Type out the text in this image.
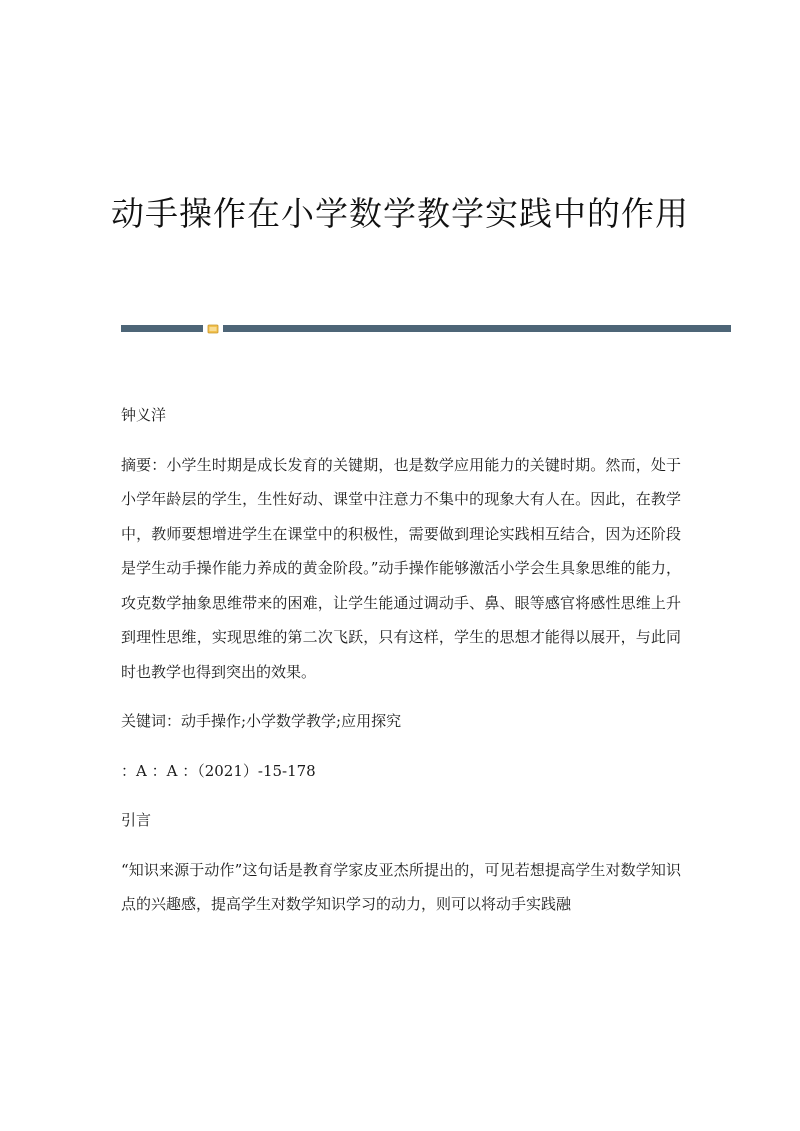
动手操作在小学数学教学实践中的作用

钟义洋

摘要：小学生时期是成长发育的关键期，也是数学应用能力的关键时期。然而，处于小学年龄层的学生，生性好动、课堂中注意力不集中的现象大有人在。因此，在教学中，教师要想增进学生在课堂中的积极性，需要做到理论实践相互结合，因为还阶段是学生动手操作能力养成的黄金阶段。”动手操作能够激活小学会生具象思维的能力，攻克数学抽象思维带来的困难，让学生能通过调动手、鼻、眼等感官将感性思维上升到理性思维，实现思维的第二次飞跃，只有这样，学生的思想才能得以展开，与此同时也教学也得到突出的效果。

关键词：动手操作;小学数学教学;应用探究

：A ：A ：（2021）-15-178

引言

“知识来源于动作”这句话是教育学家皮亚杰所提出的，可见若想提高学生对数学知识点的兴趣感，提高学生对数学知识学习的动力，则可以将动手实践融
